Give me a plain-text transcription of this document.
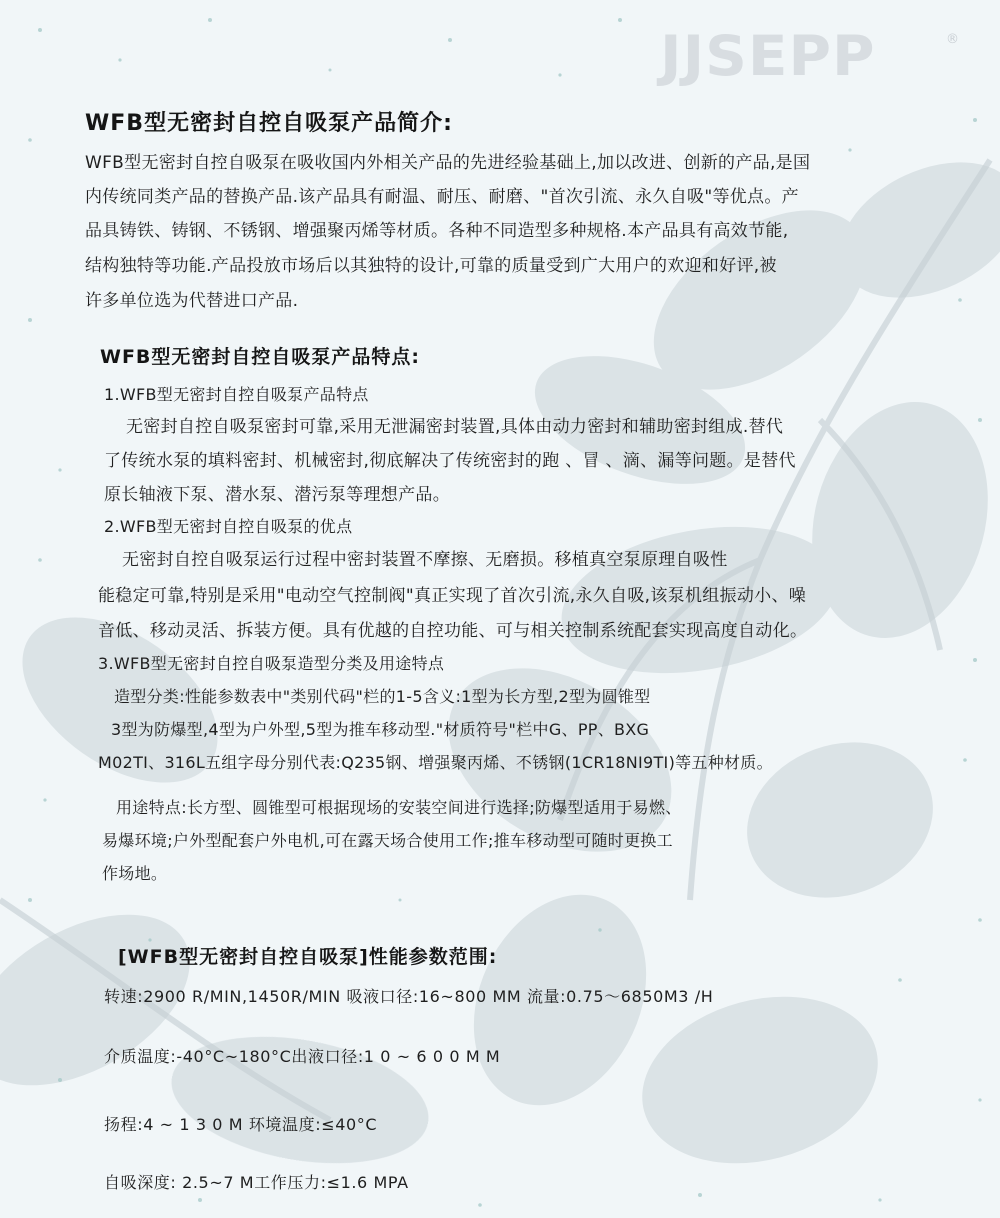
JJSEPP	®
WFB型无密封自控自吸泵产品简介:
WFB型无密封自控自吸泵在吸收国内外相关产品的先进经验基础上,加以改进、创新的产品,是国
内传统同类产品的替换产品.该产品具有耐温、耐压、耐磨、"首次引流、永久自吸"等优点。产
品具铸铁、铸钢、不锈钢、增强聚丙烯等材质。各种不同造型多种规格.本产品具有高效节能,
结构独特等功能.产品投放市场后以其独特的设计,可靠的质量受到广大用户的欢迎和好评,被
许多单位选为代替进口产品.
WFB型无密封自控自吸泵产品特点:
1.WFB型无密封自控自吸泵产品特点
无密封自控自吸泵密封可靠,采用无泄漏密封装置,具体由动力密封和辅助密封组成.替代
了传统水泵的填料密封、机械密封,彻底解决了传统密封的跑 、冒 、滴、漏等问题。是替代
原长轴液下泵、潜水泵、潜污泵等理想产品。
2.WFB型无密封自控自吸泵的优点
无密封自控自吸泵运行过程中密封装置不摩擦、无磨损。移植真空泵原理自吸性
能稳定可靠,特别是采用"电动空气控制阀"真正实现了首次引流,永久自吸,该泵机组振动小、噪
音低、移动灵活、拆装方便。具有优越的自控功能、可与相关控制系统配套实现高度自动化。
3.WFB型无密封自控自吸泵造型分类及用途特点
造型分类:性能参数表中"类别代码"栏的1-5含义:1型为长方型,2型为圆锥型
3型为防爆型,4型为户外型,5型为推车移动型."材质符号"栏中G、PP、BXG
M02TI、316L五组字母分别代表:Q235钢、增强聚丙烯、不锈钢(1CR18NI9TI)等五种材质。
用途特点:长方型、圆锥型可根据现场的安装空间进行选择;防爆型适用于易燃、
易爆环境;户外型配套户外电机,可在露天场合使用工作;推车移动型可随时更换工
作场地。
[WFB型无密封自控自吸泵]性能参数范围:
转速:2900 R/MIN,1450R/MIN 吸液口径:16~800 MM 流量:0.75～6850M3 /H
介质温度:-40°C~180°C出液口径:1 0 ~ 6 0 0 M M
扬程:4 ~ 1 3 0 M 环境温度:≤40°C
自吸深度: 2.5~7 M工作压力:≤1.6 MPA
